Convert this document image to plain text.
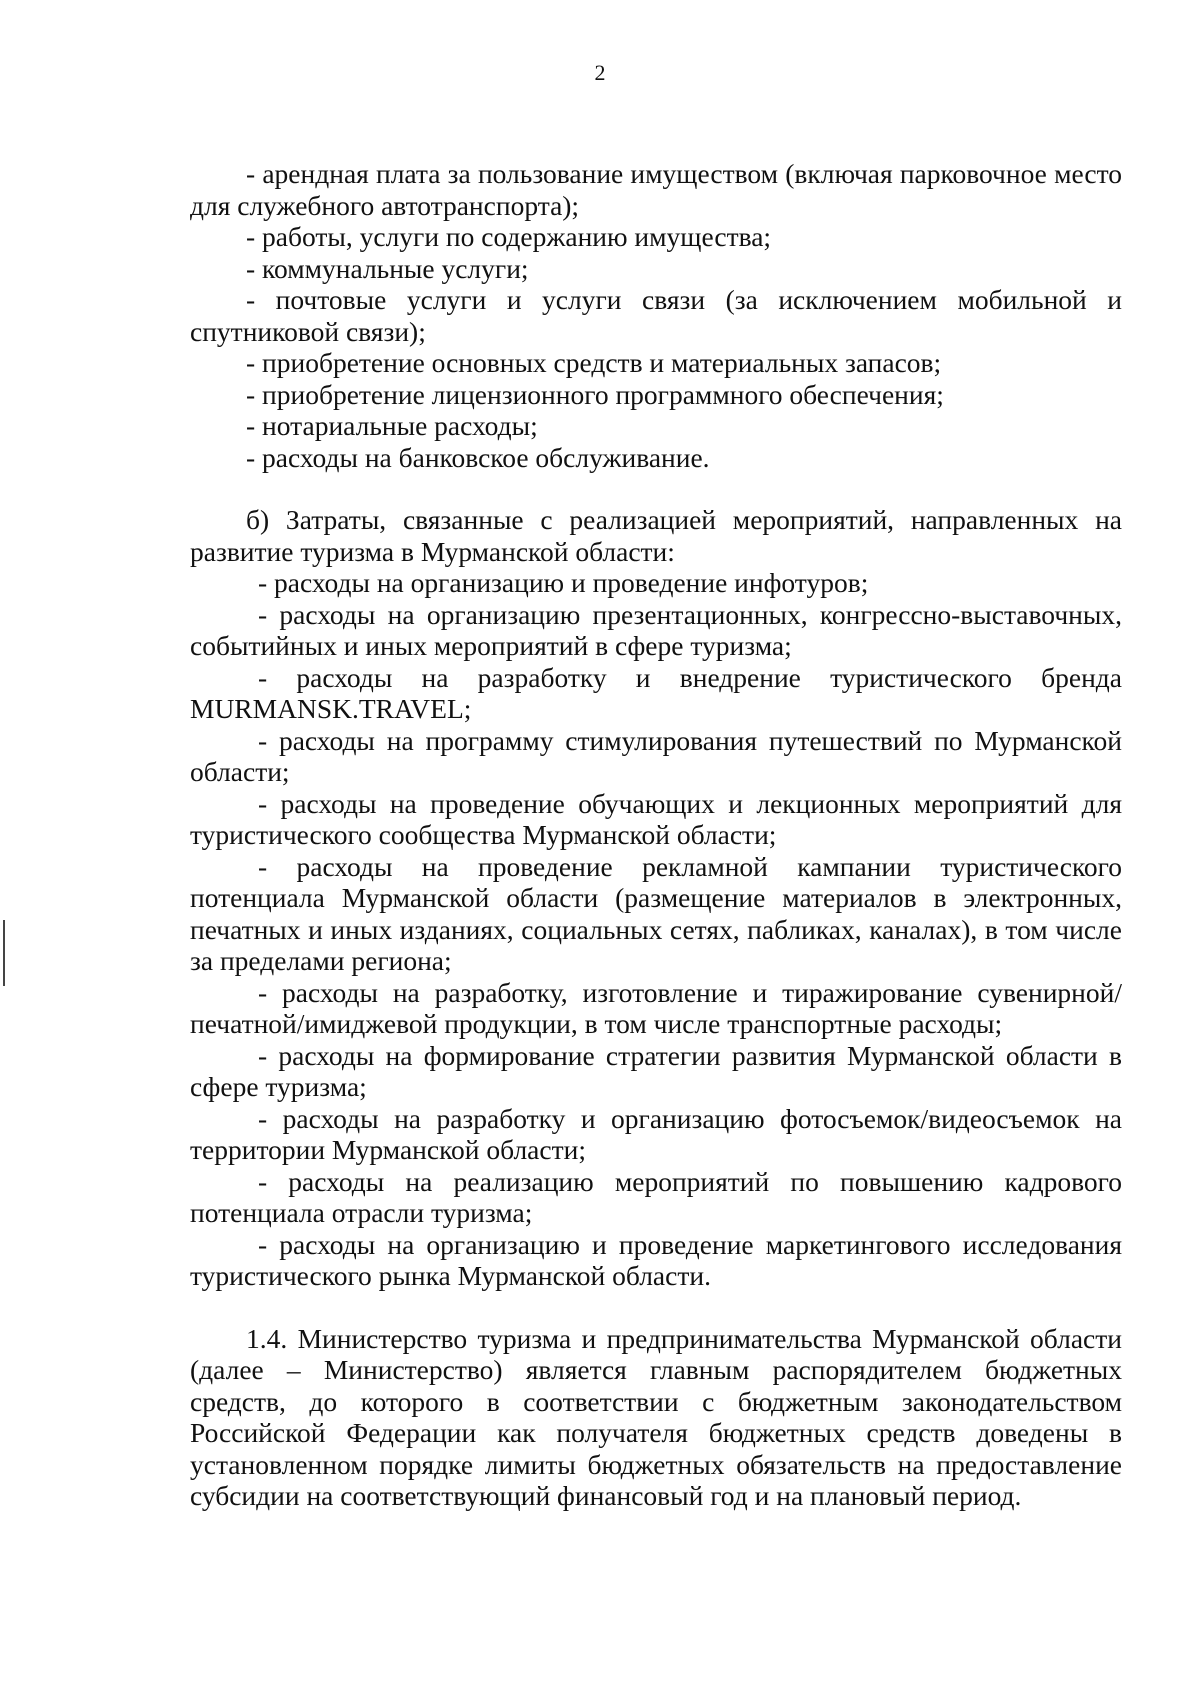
2

- арендная плата за пользование имуществом (включая парковочное место для служебного автотранспорта);

- работы, услуги по содержанию имущества;

- коммунальные услуги;

- почтовые услуги и услуги связи (за исключением мобильной и спутниковой связи);

- приобретение основных средств и материальных запасов;

- приобретение лицензионного программного обеспечения;

- нотариальные расходы;

- расходы на банковское обслуживание.

б) Затраты, связанные с реализацией мероприятий, направленных на развитие туризма в Мурманской области:

- расходы на организацию и проведение инфотуров;

- расходы на организацию презентационных, конгрессно-выставочных, событийных и иных мероприятий в сфере туризма;

- расходы на разработку и внедрение туристического бренда MURMANSK.TRAVEL;

- расходы на программу стимулирования путешествий по Мурманской области;

- расходы на проведение обучающих и лекционных мероприятий для туристического сообщества Мурманской области;

- расходы на проведение рекламной кампании туристического потенциала Мурманской области (размещение материалов в электронных, печатных и иных изданиях, социальных сетях, пабликах, каналах), в том числе за пределами региона;

- расходы на разработку, изготовление и тиражирование сувенирной/печатной/имиджевой продукции, в том числе транспортные расходы;

- расходы на формирование стратегии развития Мурманской области в сфере туризма;

- расходы на разработку и организацию фотосъемок/видеосъемок на территории Мурманской области;

- расходы на реализацию мероприятий по повышению кадрового потенциала отрасли туризма;

- расходы на организацию и проведение маркетингового исследования туристического рынка Мурманской области.

1.4. Министерство туризма и предпринимательства Мурманской области (далее – Министерство) является главным распорядителем бюджетных средств, до которого в соответствии с бюджетным законодательством Российской Федерации как получателя бюджетных средств доведены в установленном порядке лимиты бюджетных обязательств на предоставление субсидии на соответствующий финансовый год и на плановый период.
